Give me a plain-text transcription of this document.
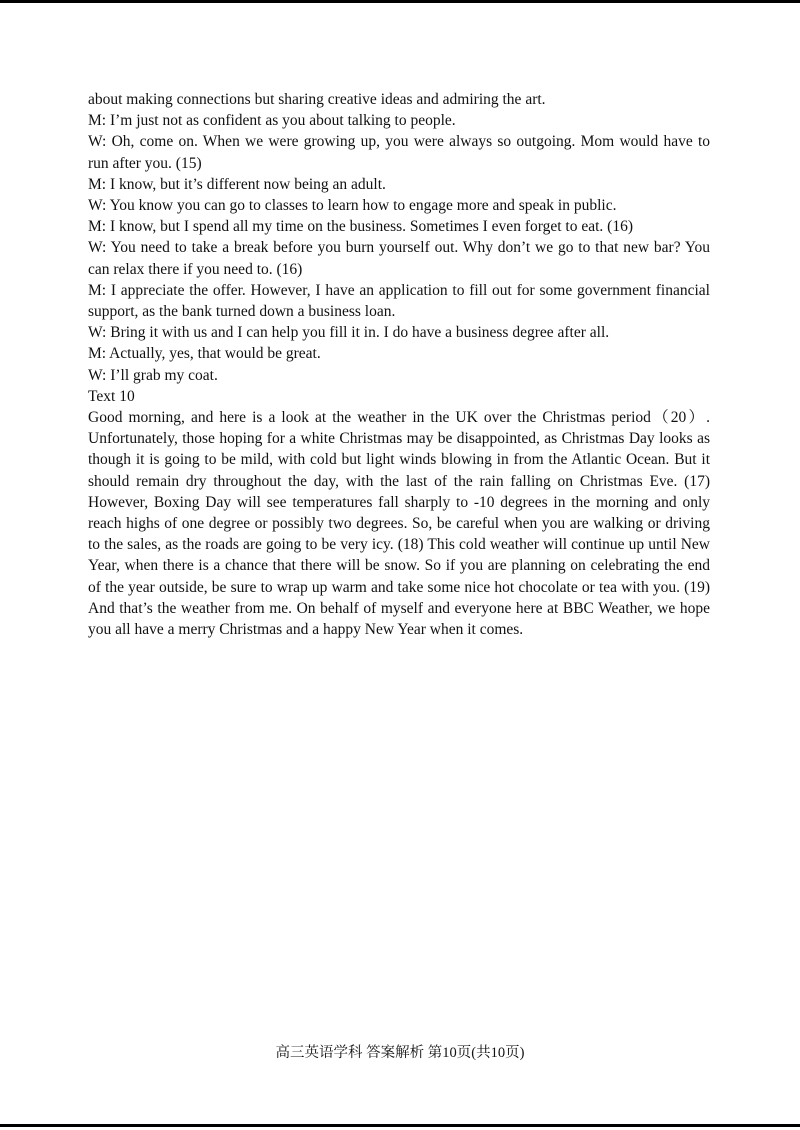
about making connections but sharing creative ideas and admiring the art.

M: I’m just not as confident as you about talking to people.

W: Oh, come on. When we were growing up, you were always so outgoing. Mom would have to run after you. (15)

M: I know, but it’s different now being an adult.

W: You know you can go to classes to learn how to engage more and speak in public.

M: I know, but I spend all my time on the business. Sometimes I even forget to eat. (16)

W: You need to take a break before you burn yourself out. Why don’t we go to that new bar? You can relax there if you need to. (16)

M: I appreciate the offer. However, I have an application to fill out for some government financial support, as the bank turned down a business loan.

W: Bring it with us and I can help you fill it in. I do have a business degree after all.

M: Actually, yes, that would be great.

W: I’ll grab my coat.

Text 10

Good morning, and here is a look at the weather in the UK over the Christmas period（20）. Unfortunately, those hoping for a white Christmas may be disappointed, as Christmas Day looks as though it is going to be mild, with cold but light winds blowing in from the Atlantic Ocean. But it should remain dry throughout the day, with the last of the rain falling on Christmas Eve. (17) However, Boxing Day will see temperatures fall sharply to -10 degrees in the morning and only reach highs of one degree or possibly two degrees. So, be careful when you are walking or driving to the sales, as the roads are going to be very icy. (18) This cold weather will continue up until New Year, when there is a chance that there will be snow. So if you are planning on celebrating the end of the year outside, be sure to wrap up warm and take some nice hot chocolate or tea with you. (19) And that’s the weather from me. On behalf of myself and everyone here at BBC Weather, we hope you all have a merry Christmas and a happy New Year when it comes.

高三英语学科 答案解析 第10页(共10页)
